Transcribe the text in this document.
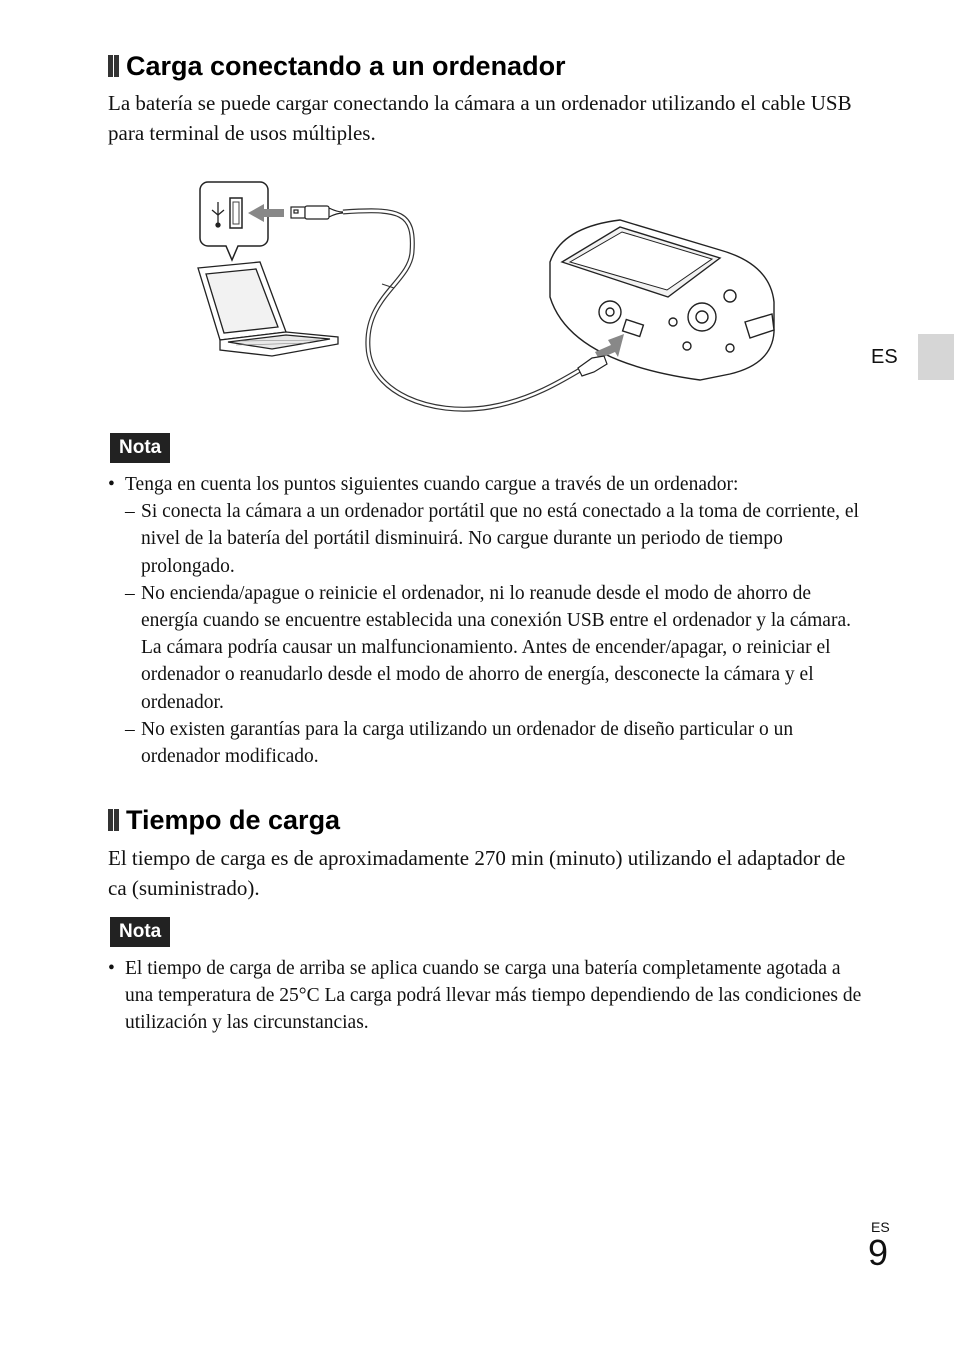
Carga conectando a un ordenador

La batería se puede cargar conectando la cámara a un ordenador utilizando el cable USB para terminal de usos múltiples.

Nota
• Tenga en cuenta los puntos siguientes cuando cargue a través de un ordenador:
– Si conecta la cámara a un ordenador portátil que no está conectado a la toma de corriente, el nivel de la batería del portátil disminuirá. No cargue durante un periodo de tiempo prolongado.
– No encienda/apague o reinicie el ordenador, ni lo reanude desde el modo de ahorro de energía cuando se encuentre establecida una conexión USB entre el ordenador y la cámara. La cámara podría causar un malfuncionamiento. Antes de encender/apagar, o reiniciar el ordenador o reanudarlo desde el modo de ahorro de energía, desconecte la cámara y el ordenador.
– No existen garantías para la carga utilizando un ordenador de diseño particular o un ordenador modificado.
Tiempo de carga

El tiempo de carga es de aproximadamente 270 min (minuto) utilizando el adaptador de ca (suministrado).

Nota
• El tiempo de carga de arriba se aplica cuando se carga una batería completamente agotada a una temperatura de 25°C La carga podrá llevar más tiempo dependiendo de las condiciones de utilización y las circunstancias.
ES
ES
9
